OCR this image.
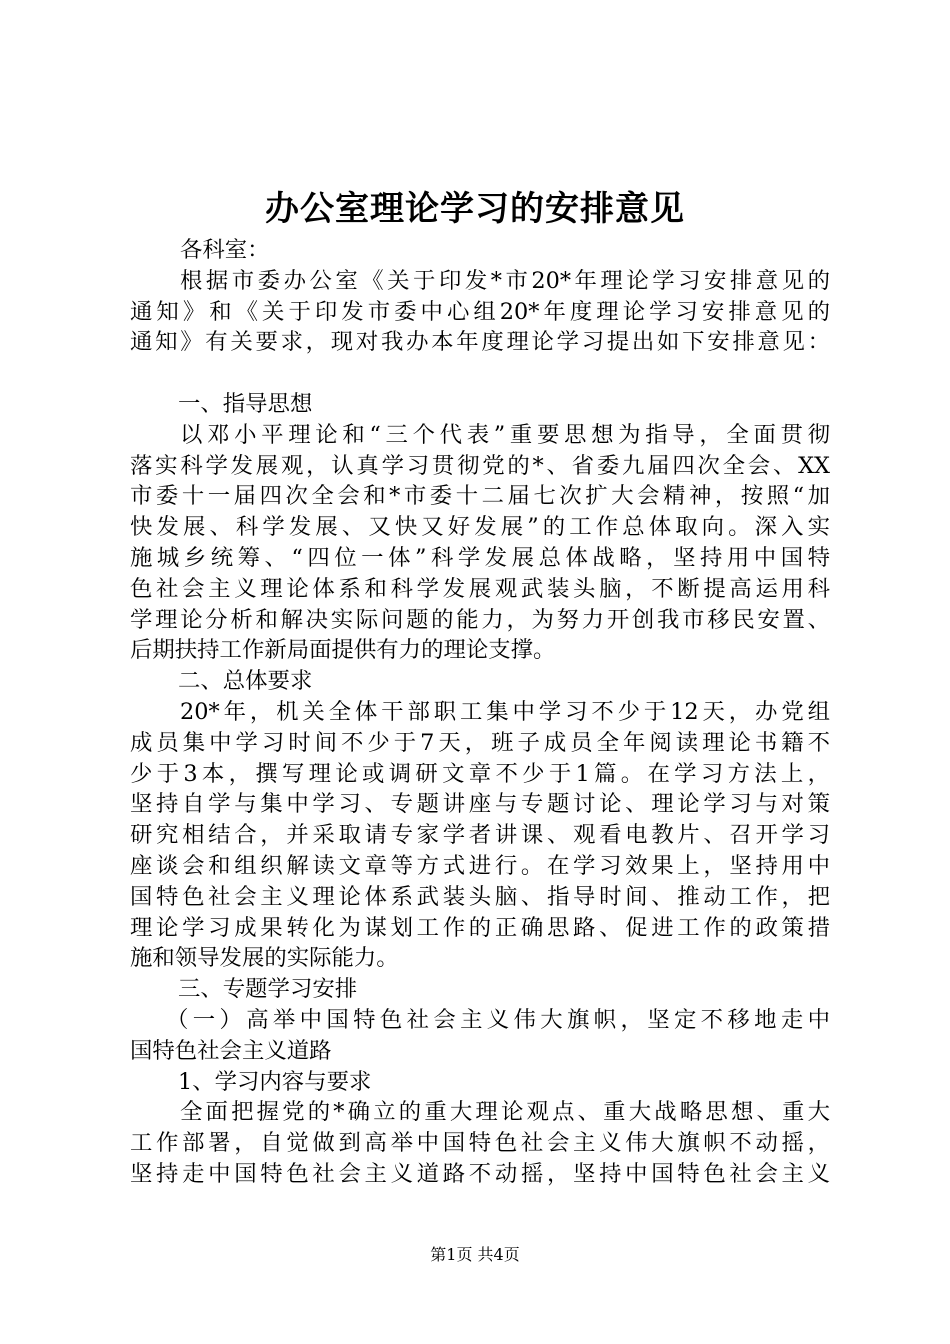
办公室理论学习的安排意见
各科室：
根据市委办公室《关于印发*市20*年理论学习安排意见的
通知》和《关于印发市委中心组20*年度理论学习安排意见的
通知》有关要求，现对我办本年度理论学习提出如下安排意见：
一、指导思想
以邓小平理论和“三个代表”重要思想为指导，全面贯彻
落实科学发展观，认真学习贯彻党的*、省委九届四次全会、XX
市委十一届四次全会和*市委十二届七次扩大会精神，按照“加
快发展、科学发展、又快又好发展”的工作总体取向。深入实
施城乡统筹、“四位一体”科学发展总体战略，坚持用中国特
色社会主义理论体系和科学发展观武装头脑，不断提高运用科
学理论分析和解决实际问题的能力，为努力开创我市移民安置、
后期扶持工作新局面提供有力的理论支撑。
二、总体要求
20*年，机关全体干部职工集中学习不少于12天，办党组
成员集中学习时间不少于7天，班子成员全年阅读理论书籍不
少于3本，撰写理论或调研文章不少于1篇。在学习方法上，
坚持自学与集中学习、专题讲座与专题讨论、理论学习与对策
研究相结合，并采取请专家学者讲课、观看电教片、召开学习
座谈会和组织解读文章等方式进行。在学习效果上，坚持用中
国特色社会主义理论体系武装头脑、指导时间、推动工作，把
理论学习成果转化为谋划工作的正确思路、促进工作的政策措
施和领导发展的实际能力。
三、专题学习安排
（一）高举中国特色社会主义伟大旗帜，坚定不移地走中
国特色社会主义道路
1、学习内容与要求
全面把握党的*确立的重大理论观点、重大战略思想、重大
工作部署，自觉做到高举中国特色社会主义伟大旗帜不动摇，
坚持走中国特色社会主义道路不动摇，坚持中国特色社会主义
第1页 共4页
